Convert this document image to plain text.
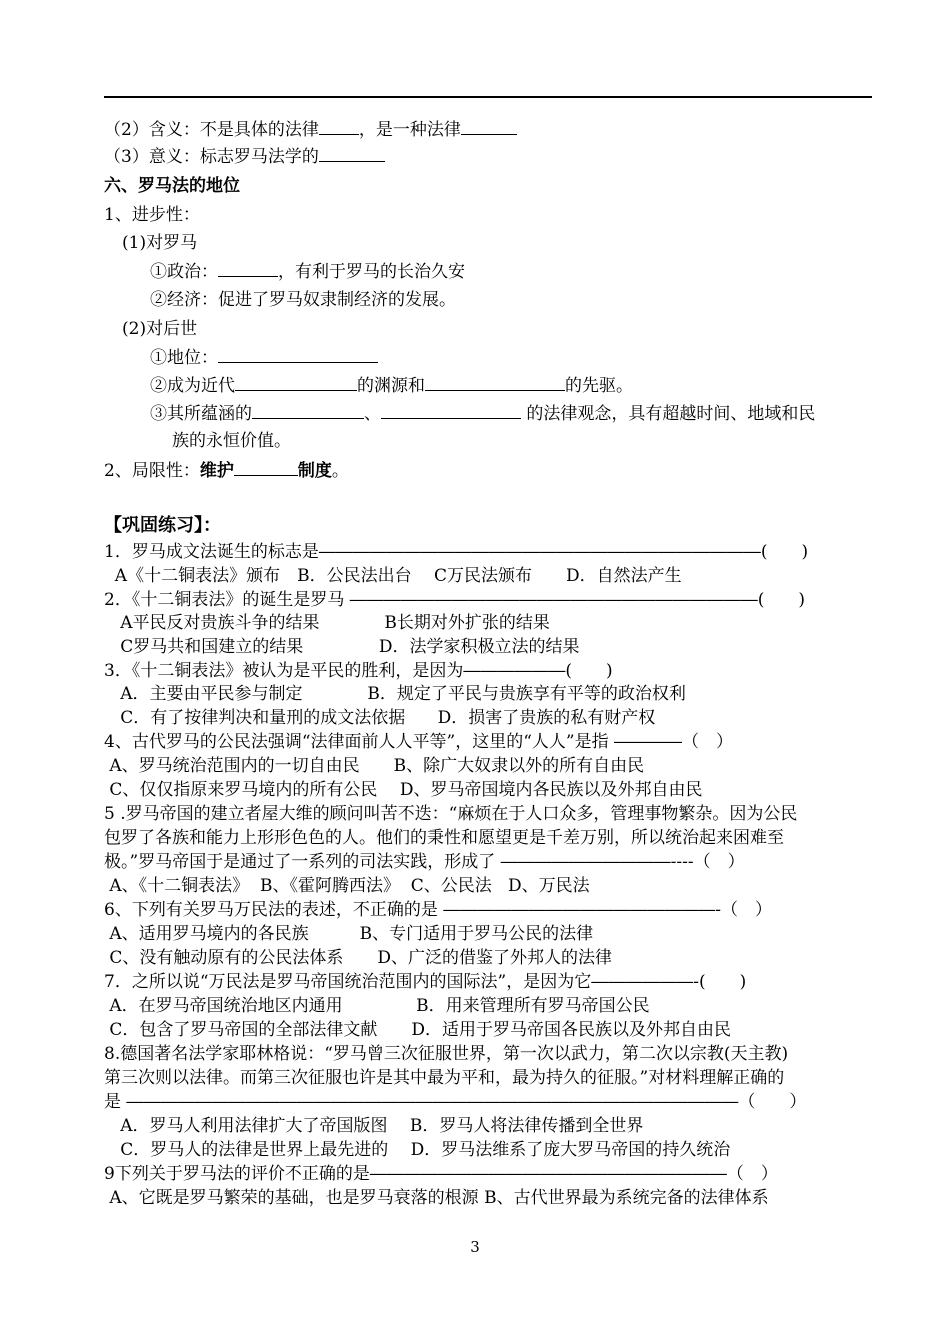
（2）含义：不是具体的法律 ，是一种法律
（3）意义：标志罗马法学的
六、罗马法的地位
1、进步性：
(1)对罗马
①政治：	，有利于罗马的长治久安
②经济：促进了罗马奴隶制经济的发展。
(2)对后世
①地位：
②成为近代	的渊源和	的先驱。
③其所蕴涵的	、	的法律观念，具有超越时间、地域和民
族的永恒价值。
2、局限性：维护	制度。
【巩固练习】：
1．罗马成文法诞生的标志是――――――――――――――――――――――――――(　　)
A《十二铜表法》颁布　B．公民法出台　 C万民法颁布　　D．自然法产生
2．《十二铜表法》的诞生是罗马 ――――――――――――――――――――――――(　　)
A平民反对贵族斗争的结果            B长期对外扩张的结果
C罗马共和国建立的结果              D．法学家积极立法的结果
3．《十二铜表法》被认为是平民的胜利，是因为――――――(　　)
A．主要由平民参与制定            B．规定了平民与贵族享有平等的政治权利
C．有了按律判决和量刑的成文法依据      D．损害了贵族的私有财产权
4、古代罗马的公民法强调“法律面前人人平等”，这里的“人人”是指 ――――（　）
A、罗马统治范围内的一切自由民　　B、除广大奴隶以外的所有自由民
C、仅仅指原来罗马境内的所有公民　 D、罗马帝国境内各民族以及外邦自由民
5 .罗马帝国的建立者屋大维的顾问叫苦不迭：“麻烦在于人口众多，管理事物繁杂。因为公民
包罗了各族和能力上形形色色的人。他们的秉性和愿望更是千差万别，所以统治起来困难至
极。”罗马帝国于是通过了一系列的司法实践，形成了 ――――――――――----（　）
A、《十二铜表法》  B、《霍阿腾西法》  C、公民法   D、万民法
6、下列有关罗马万民法的表述，不正确的是 ――――――――――――――――-（　）
A、适用罗马境内的各民族　　　B、专门适用于罗马公民的法律
C、没有触动原有的公民法体系　　D、广泛的借鉴了外邦人的法律
7．之所以说“万民法是罗马帝国统治范围内的国际法”，是因为它――――――-(　　)
A．在罗马帝国统治地区内通用　　　　 B．用来管理所有罗马帝国公民
C．包含了罗马帝国的全部法律文献　　D．适用于罗马帝国各民族以及外邦自由民
8.德国著名法学家耶林格说：“罗马曾三次征服世界，第一次以武力，第二次以宗教(天主教)
第三次则以法律。而第三次征服也许是其中最为平和，最为持久的征服。”对材料理解正确的
是 ――――――――――――――――――――――――――――――――――――（　　）
A．罗马人利用法律扩大了帝国版图　 B．罗马人将法律传播到全世界
C．罗马人的法律是世界上最先进的　 D．罗马法维系了庞大罗马帝国的持久统治
9下列关于罗马法的评价不正确的是―――――――――――――――――――――（　）
A、它既是罗马繁荣的基础，也是罗马衰落的根源 B、古代世界最为系统完备的法律体系
3
